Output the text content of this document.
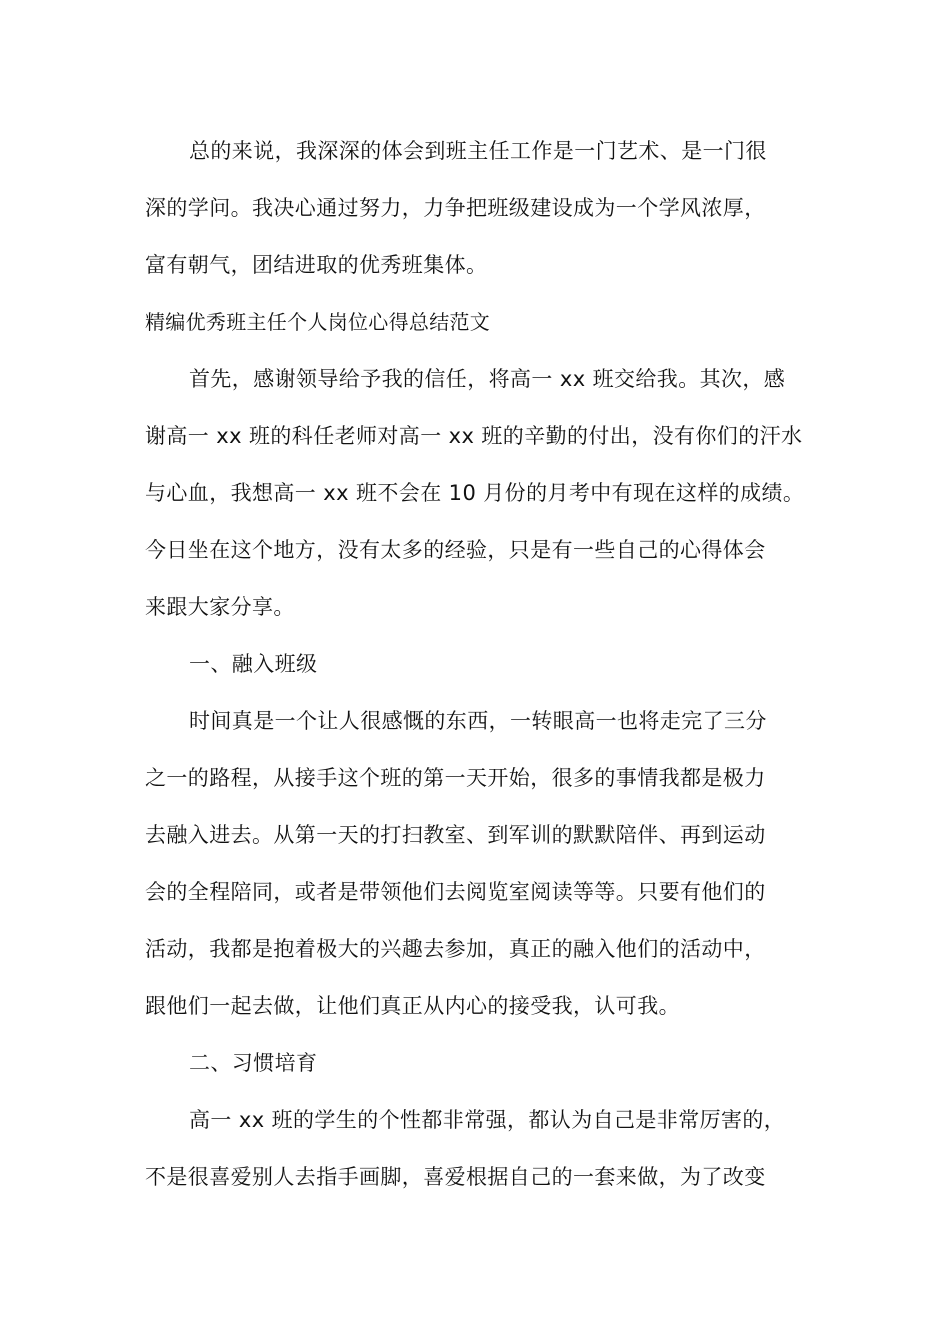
总的来说，我深深的体会到班主任工作是一门艺术、是一门很
深的学问。我决心通过努力，力争把班级建设成为一个学风浓厚，
富有朝气，团结进取的优秀班集体。
精编优秀班主任个人岗位心得总结范文
首先，感谢领导给予我的信任，将高一 xx 班交给我。其次，感
谢高一 xx 班的科任老师对高一 xx 班的辛勤的付出，没有你们的汗水
与心血，我想高一 xx 班不会在 10 月份的月考中有现在这样的成绩。
今日坐在这个地方，没有太多的经验，只是有一些自己的心得体会
来跟大家分享。
一、融入班级
时间真是一个让人很感慨的东西，一转眼高一也将走完了三分
之一的路程，从接手这个班的第一天开始，很多的事情我都是极力
去融入进去。从第一天的打扫教室、到军训的默默陪伴、再到运动
会的全程陪同，或者是带领他们去阅览室阅读等等。只要有他们的
活动，我都是抱着极大的兴趣去参加，真正的融入他们的活动中，
跟他们一起去做，让他们真正从内心的接受我，认可我。
二、习惯培育
高一 xx 班的学生的个性都非常强，都认为自己是非常厉害的，
不是很喜爱别人去指手画脚，喜爱根据自己的一套来做，为了改变
